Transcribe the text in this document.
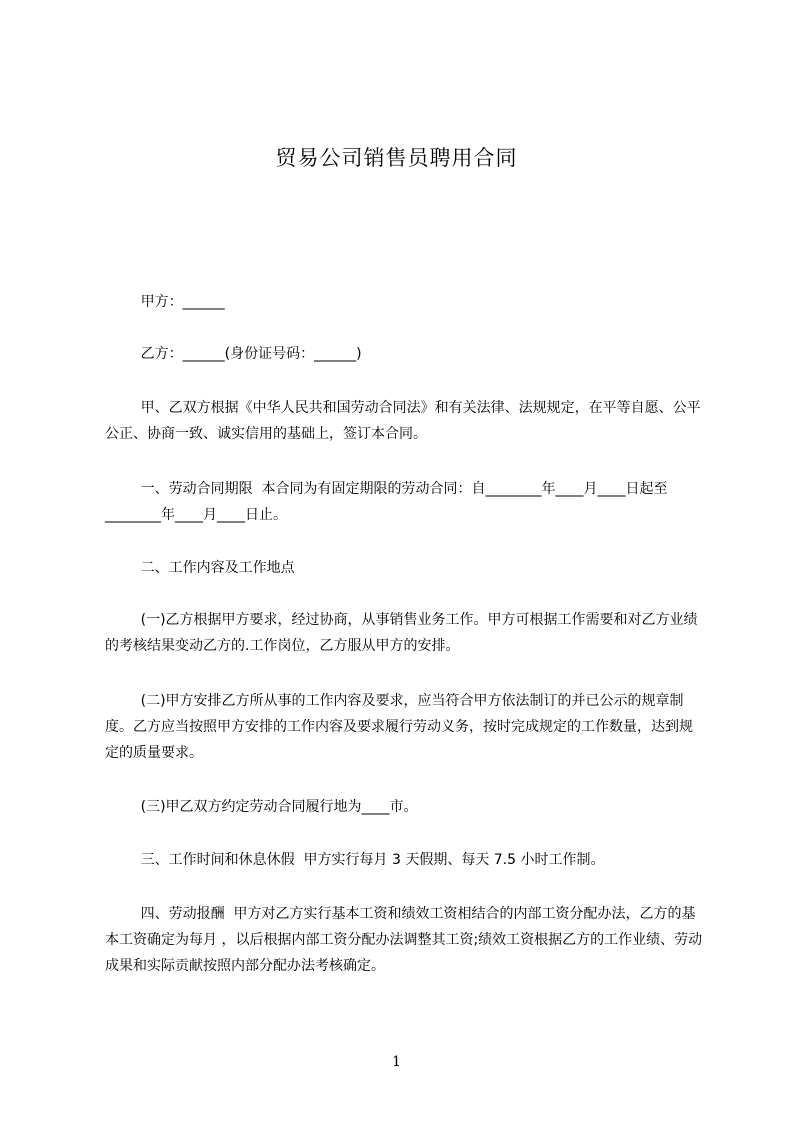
贸易公司销售员聘用合同

甲方：______

乙方：______(身份证号码：______)

甲、乙双方根据《中华人民共和国劳动合同法》和有关法律、法规规定，在平等自愿、公平公正、协商一致、诚实信用的基础上，签订本合同。

一、劳动合同期限  本合同为有固定期限的劳动合同：自________年____月____日起至________年____月____日止。

二、工作内容及工作地点

(一)乙方根据甲方要求，经过协商，从事销售业务工作。甲方可根据工作需要和对乙方业绩的考核结果变动乙方的.工作岗位，乙方服从甲方的安排。

(二)甲方安排乙方所从事的工作内容及要求，应当符合甲方依法制订的并已公示的规章制度。乙方应当按照甲方安排的工作内容及要求履行劳动义务，按时完成规定的工作数量，达到规定的质量要求。

(三)甲乙双方约定劳动合同履行地为____市。

三、工作时间和休息休假  甲方实行每月 3 天假期、每天 7.5 小时工作制。

四、劳动报酬  甲方对乙方实行基本工资和绩效工资相结合的内部工资分配办法，乙方的基本工资确定为每月 ，以后根据内部工资分配办法调整其工资;绩效工资根据乙方的工作业绩、劳动成果和实际贡献按照内部分配办法考核确定。

1
